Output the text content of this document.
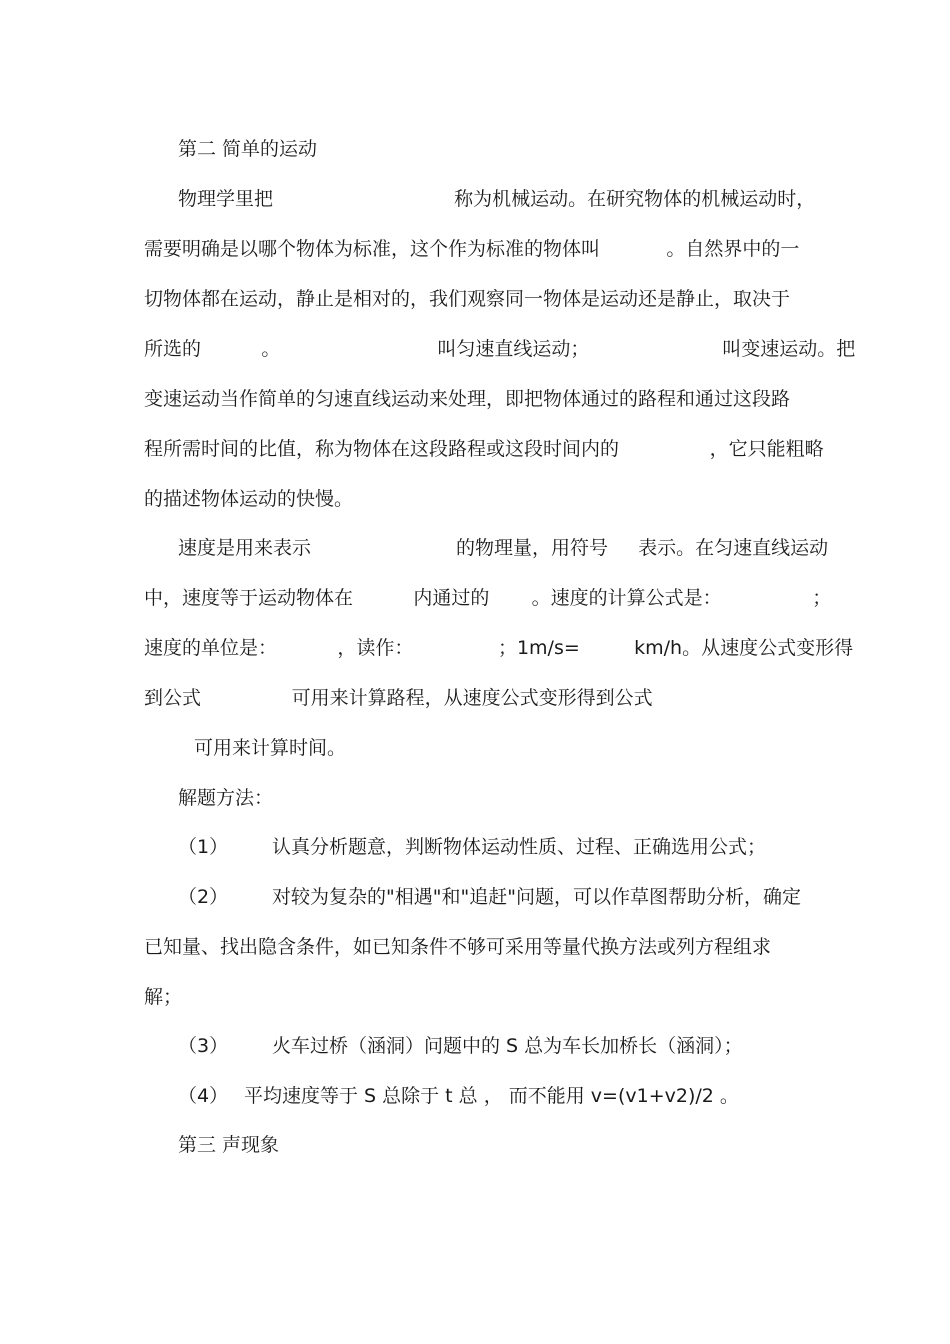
第二 简单的运动
物理学里把                              称为机械运动。在研究物体的机械运动时，
需要明确是以哪个物体为标准，这个作为标准的物体叫           。自然界中的一
切物体都在运动，静止是相对的，我们观察同一物体是运动还是静止，取决于
所选的          。                          叫匀速直线运动；                      叫变速运动。把
变速运动当作简单的匀速直线运动来处理，即把物体通过的路程和通过这段路
程所需时间的比值，称为物体在这段路程或这段时间内的               ，它只能粗略
的描述物体运动的快慢。
速度是用来表示                        的物理量，用符号     表示。在匀速直线运动
中，速度等于运动物体在          内通过的       。速度的计算公式是：               ；
速度的单位是：          ，读作：              ；1m/s=         km/h。从速度公式变形得
到公式               可用来计算路程，从速度公式变形得到公式
可用来计算时间。
解题方法：
（1） 认真分析题意，判断物体运动性质、过程、正确选用公式；
（2） 对较为复杂的"相遇"和"追赶"问题，可以作草图帮助分析，确定
已知量、找出隐含条件，如已知条件不够可采用等量代换方法或列方程组求
解；
（3） 火车过桥（涵洞）问题中的 S 总为车长加桥长（涵洞）；
（4） 平均速度等于 S 总除于 t 总 ， 而不能用 v=(v1+v2)/2 。
第三 声现象
